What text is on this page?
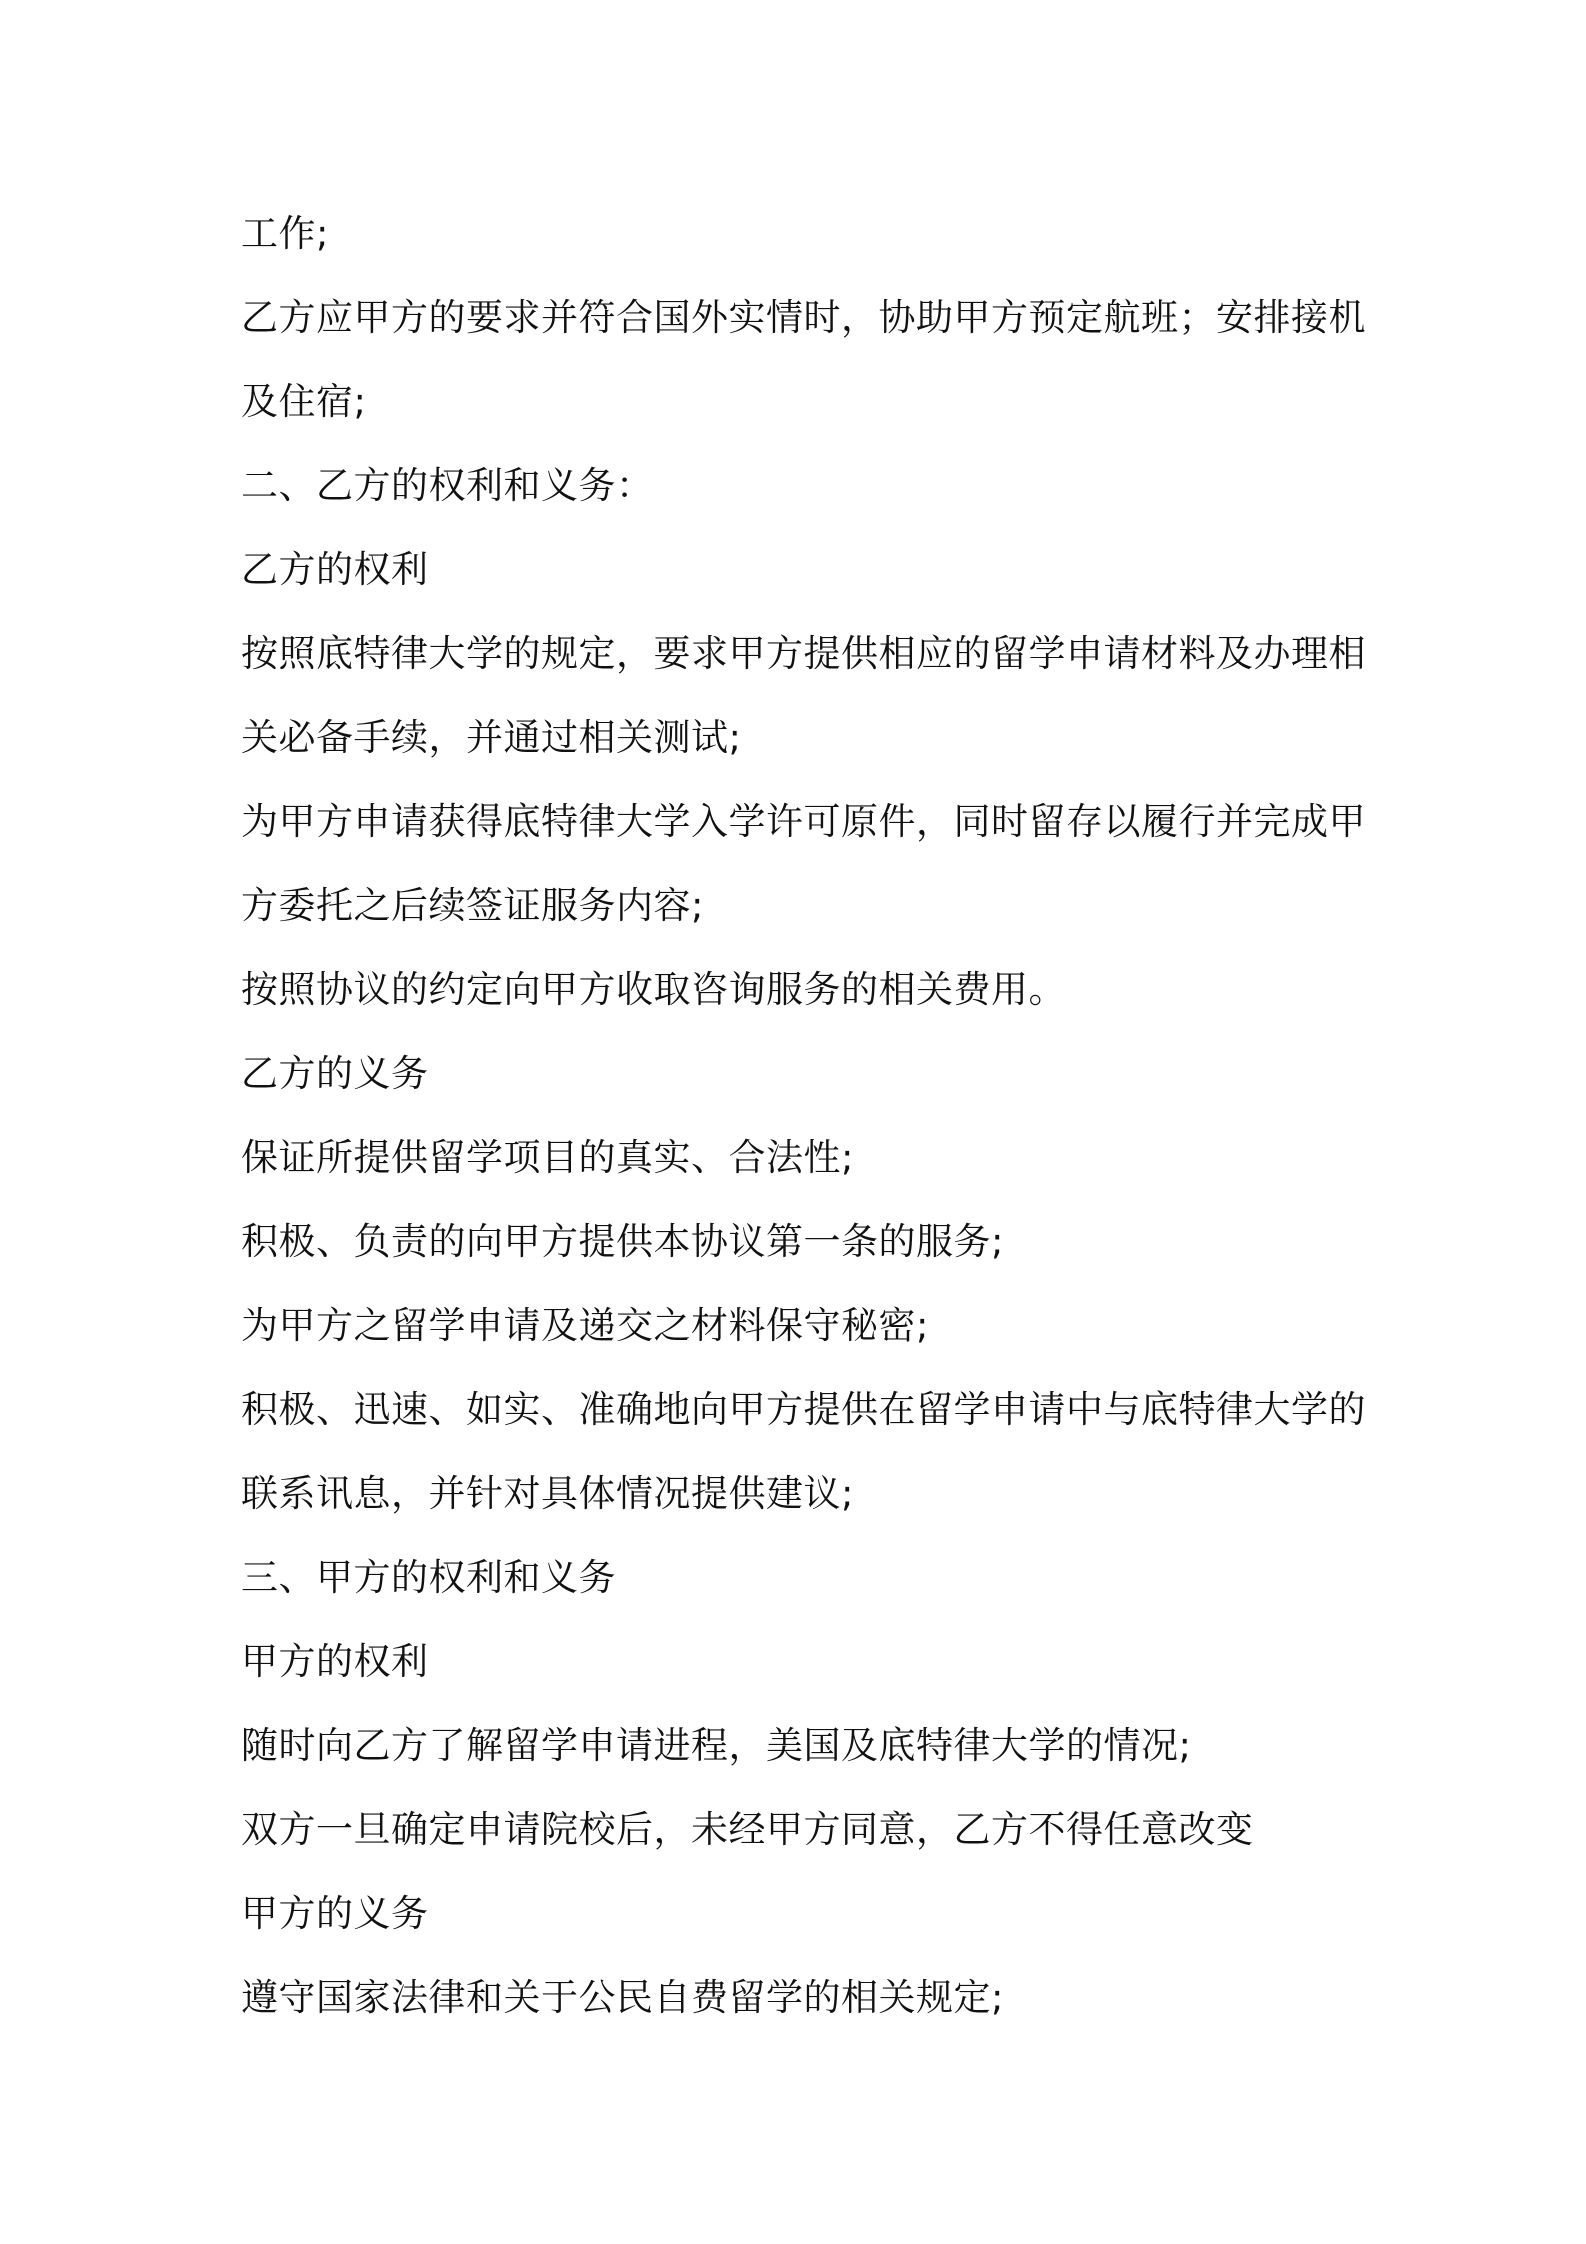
工作;
乙方应甲方的要求并符合国外实情时，协助甲方预定航班；安排接机
及住宿;
二、乙方的权利和义务：
乙方的权利
按照底特律大学的规定，要求甲方提供相应的留学申请材料及办理相
关必备手续，并通过相关测试;
为甲方申请获得底特律大学入学许可原件，同时留存以履行并完成甲
方委托之后续签证服务内容;
按照协议的约定向甲方收取咨询服务的相关费用。
乙方的义务
保证所提供留学项目的真实、合法性;
积极、负责的向甲方提供本协议第一条的服务;
为甲方之留学申请及递交之材料保守秘密;
积极、迅速、如实、准确地向甲方提供在留学申请中与底特律大学的
联系讯息，并针对具体情况提供建议;
三、甲方的权利和义务
甲方的权利
随时向乙方了解留学申请进程，美国及底特律大学的情况;
双方一旦确定申请院校后，未经甲方同意，乙方不得任意改变
甲方的义务
遵守国家法律和关于公民自费留学的相关规定;
